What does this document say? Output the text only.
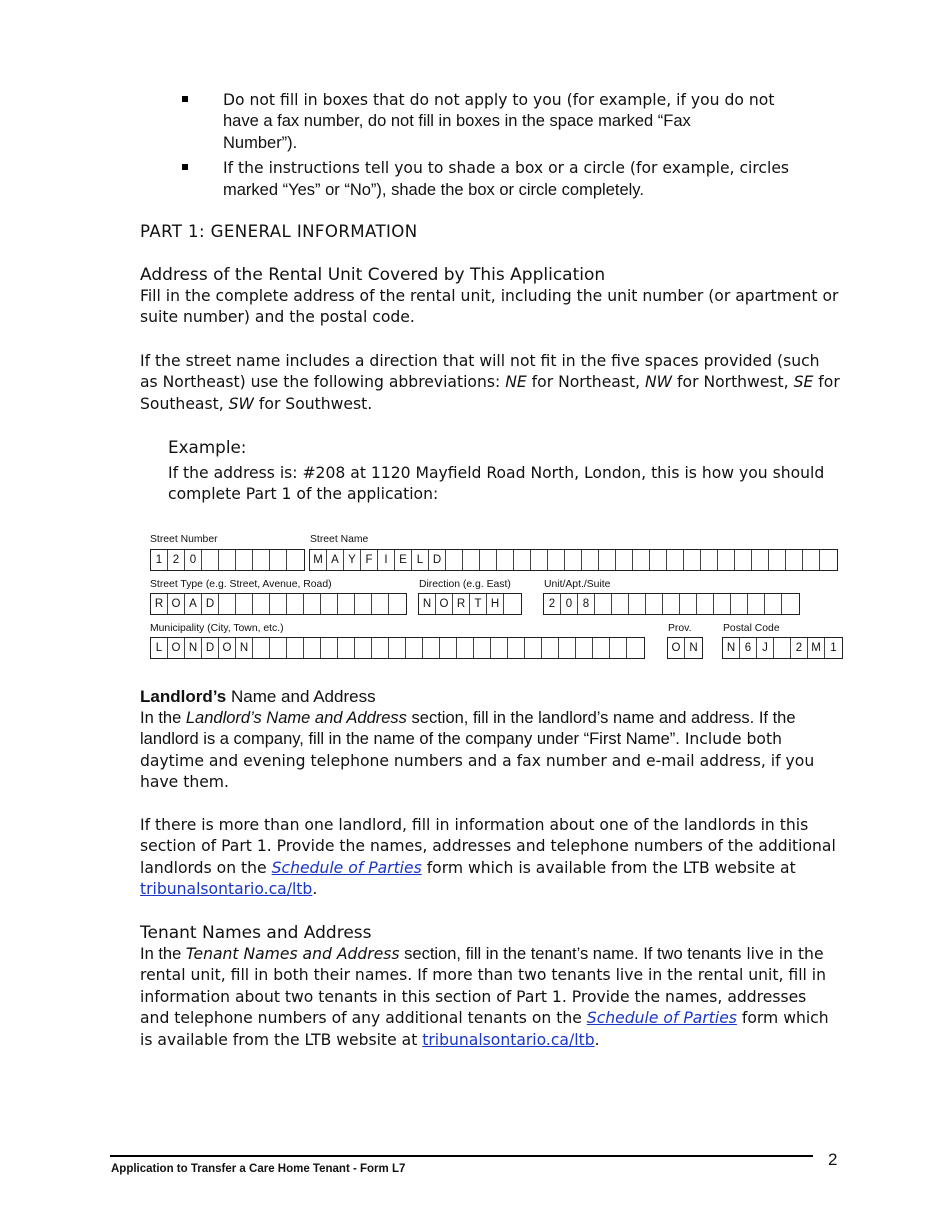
Do not fill in boxes that do not apply to you (for example, if you do not
have a fax number, do not fill in boxes in the space marked “Fax
Number”).
If the instructions tell you to shade a box or a circle (for example, circles
marked “Yes” or “No”), shade the box or circle completely.
PART 1: GENERAL INFORMATION
Address of the Rental Unit Covered by This Application
Fill in the complete address of the rental unit, including the unit number (or apartment or suite number) and the postal code.
If the street name includes a direction that will not fit in the five spaces provided (such as Northeast) use the following abbreviations: NE for Northeast, NW for Northwest, SE for Southeast, SW for Southwest.
Example:
If the address is: #208 at 1120 Mayfield Road North, London, this is how you should complete Part 1 of the application:
Street Number
1 2 0
Street Name
M A Y F	I	E L D
Street Type (e.g. Street, Avenue, Road)
R O A D
Direction (e.g. East)
N O R T H
Unit/Apt./Suite
2 0 8
Municipality (City, Town, etc.)
L O N D O N
Prov.
O N
Postal Code
N 6 J	2 M 1
Landlord’s Name and Address
In the Landlord’s Name and Address section, fill in the landlord’s name and address. If the landlord is a company, fill in the name of the company under “First Name”. Include both daytime and evening telephone numbers and a fax number and e-mail address, if you have them.
If there is more than one landlord, fill in information about one of the landlords in this section of Part 1. Provide the names, addresses and telephone numbers of the additional landlords on the Schedule of Parties form which is available from the LTB website at tribunalsontario.ca/ltb.
Tenant Names and Address
In the Tenant Names and Address section, fill in the tenant’s name. If two tenants live in the rental unit, fill in both their names. If more than two tenants live in the rental unit, fill in information about two tenants in this section of Part 1. Provide the names, addresses and telephone numbers of any additional tenants on the Schedule of Parties form which is available from the LTB website at tribunalsontario.ca/ltb.
Application to Transfer a Care Home Tenant - Form L7	2
